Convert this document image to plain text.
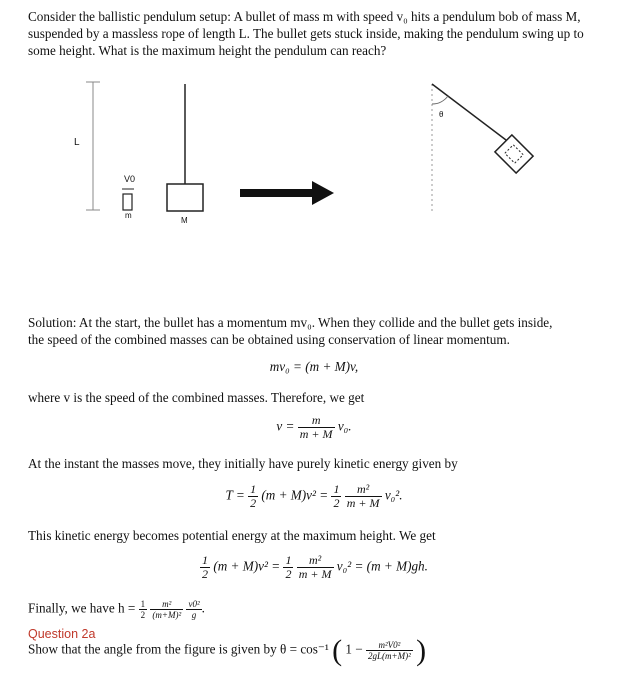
Consider the ballistic pendulum setup: A bullet of mass m with speed v₀ hits a pendulum bob of mass M,

suspended by a massless rope of length L. The bullet gets stuck inside, making the pendulum swing up to

some height. What is the maximum height the pendulum can reach?

L
V0
m
M
θ

Solution: At the start, the bullet has a momentum mv₀. When they collide and the bullet gets inside,

the speed of the combined masses can be obtained using conservation of linear momentum.

mv₀ = (m + M)v,

where v is the speed of the combined masses. Therefore, we get

$v = \frac{m}{m + M} v_0$.

At the instant the masses move, they initially have purely kinetic energy given by

$T = \frac{1}{2} (m + M)v^2 = \frac{1}{2}$
$\frac{\text{m²}}{m + M} v_0^2$.

This kinetic energy becomes potential energy at the maximum height. We get

$\frac{1}{2} (m + M)v^2 = \frac{1}{2}$
$\frac{\text{m²}}{m + M} v_0^2 = (m + M)gh$.
Finally, we have $h = \frac{1}{2}$
$\frac{\text{m²}}{\text{(m+M)²}}$
$\frac{\text{v0²}}{g}$ .
Question 2a
Show that the angle from the figure is given by θ = cos⁻¹ ( $1 - \frac{\text{m²V0²}}{\text{2gL(m+M)²}}$ )
